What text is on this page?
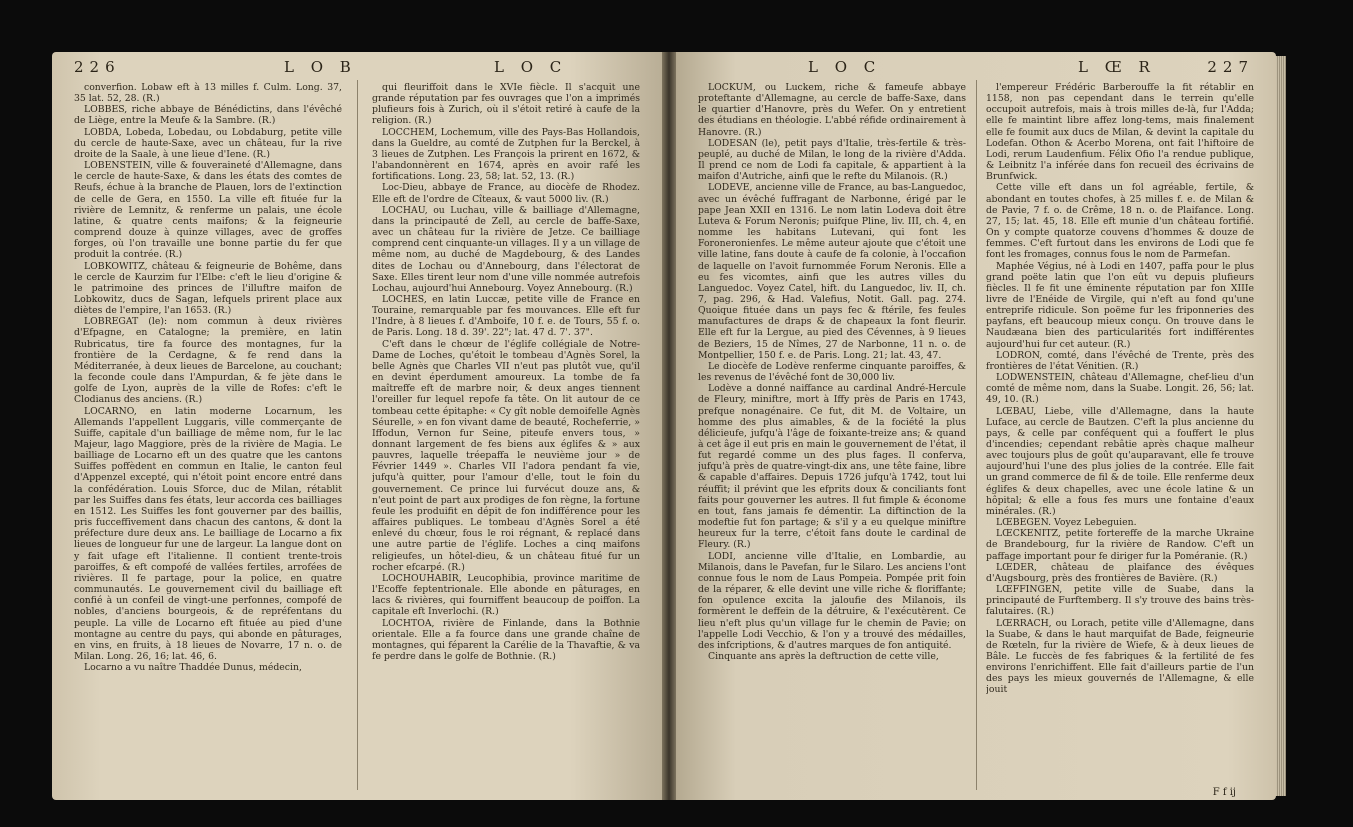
226	L O B	L O C

converfion. Lobaw eft à 13 milles f. Culm. Long. 37, 35 lat. 52, 28. (R.)

LOBBES, riche abbaye de Bénédictins, dans l'évêché de Liège, entre la Meufe & la Sambre. (R.)

LOBDA, Lobeda, Lobedau, ou Lobdaburg, petite ville du cercle de haute-Saxe, avec un château, fur la rive droite de la Saale, à une lieue d'Iene. (R.)

LOBENSTEIN, ville & fouveraineté d'Allemagne, dans le cercle de haute-Saxe, & dans les états des comtes de Reufs, échue à la branche de Plauen, lors de l'extinction de celle de Gera, en 1550. La ville eft fituée fur la rivière de Lemnitz, & renferme un palais, une école latine, & quatre cents maifons; & la feigneurie comprend douze à quinze villages, avec de groffes forges, où l'on travaille une bonne partie du fer que produit la contrée. (R.)

LOBKOWITZ, château & feigneurie de Bohême, dans le cercle de Kaurzim fur l'Elbe: c'eft le lieu d'origine & le patrimoine des princes de l'illuftre maifon de Lobkowitz, ducs de Sagan, lefquels prirent place aux diètes de l'empire, l'an 1653. (R.)

LOBREGAT (le): nom commun à deux rivières d'Efpagne, en Catalogne; la première, en latin Rubricatus, tire fa fource des montagnes, fur la frontière de la Cerdagne, & fe rend dans la Méditerranée, à deux lieues de Barcelone, au couchant; la feconde coule dans l'Ampurdan, & fe jète dans le golfe de Lyon, auprès de la ville de Rofes: c'eft le Clodianus des anciens. (R.)

LOCARNO, en latin moderne Locarnum, les Allemands l'appellent Luggaris, ville commerçante de Suiffe, capitale d'un bailliage de même nom, fur le lac Majeur, lago Maggiore, près de la rivière de Magia. Le bailliage de Locarno eft un des quatre que les cantons Suiffes poffèdent en commun en Italie, le canton feul d'Appenzel excepté, qui n'étoit point encore entré dans la confédération. Louis Sforce, duc de Milan, rétablit par les Suiffes dans fes états, leur accorda ces bailliages en 1512. Les Suiffes les font gouverner par des baillis, pris fucceffivement dans chacun des cantons, & dont la préfecture dure deux ans. Le bailliage de Locarno a fix lieues de longueur fur une de largeur. La langue dont on y fait ufage eft l'italienne. Il contient trente-trois paroiffes, & eft compofé de vallées fertiles, arrofées de rivières. Il fe partage, pour la police, en quatre communautés. Le gouvernement civil du bailliage eft confié à un confeil de vingt-une perfonnes, compofé de nobles, d'anciens bourgeois, & de repréfentans du peuple. La ville de Locarno eft fituée au pied d'une montagne au centre du pays, qui abonde en pâturages, en vins, en fruits, à 18 lieues de Novarre, 17 n. o. de Milan. Long. 26, 16; lat. 46, 6.

Locarno a vu naître Thaddée Dunus, médecin,

qui fleuriffoit dans le XVIe fiècle. Il s'acquit une grande réputation par fes ouvrages que l'on a imprimés plufieurs fois à Zurich, où il s'étoit retiré à caufe de la religion. (R.)

LOCCHEM, Lochemum, ville des Pays-Bas Hollandois, dans la Gueldre, au comté de Zutphen fur la Berckel, à 3 lieues de Zutphen. Les François la prirent en 1672, & l'abandonnèrent en 1674, après en avoir rafé les fortifications. Long. 23, 58; lat. 52, 13. (R.)

Loc-Dieu, abbaye de France, au diocèfe de Rhodez. Elle eft de l'ordre de Cîteaux, & vaut 5000 liv. (R.)

LOCHAU, ou Luchau, ville & bailliage d'Allemagne, dans la principauté de Zell, au cercle de baffe-Saxe, avec un château fur la rivière de Jetze. Ce bailliage comprend cent cinquante-un villages. Il y a un village de même nom, au duché de Magdebourg, & des Landes dites de Lochau ou d'Annebourg, dans l'électorat de Saxe. Elles tirent leur nom d'une ville nommée autrefois Lochau, aujourd'hui Annebourg. Voyez Annebourg. (R.)

LOCHES, en latin Luccæ, petite ville de France en Touraine, remarquable par fes mouvances. Elle eft fur l'Indre, à 8 lieues f. d'Amboife, 10 f. e. de Tours, 55 f. o. de Paris. Long. 18 d. 39'. 22"; lat. 47 d. 7'. 37".

C'eft dans le chœur de l'églife collégiale de Notre-Dame de Loches, qu'étoit le tombeau d'Agnès Sorel, la belle Agnès que Charles VII n'eut pas plutôt vue, qu'il en devint éperdument amoureux. La tombe de fa maîtreffe eft de marbre noir, & deux anges tiennent l'oreiller fur lequel repofe fa tête. On lit autour de ce tombeau cette épitaphe: « Cy gît noble demoifelle Agnès Séurelle, » en fon vivant dame de beauté, Rocheferrie, » Iffodun, Vernon fur Seine, piteufe envers tous, » donnant largement de fes biens aux églifes & » aux pauvres, laquelle tréepaffa le neuvième jour » de Février 1449 ». Charles VII l'adora pendant fa vie, jufqu'à quitter, pour l'amour d'elle, tout le foin du gouvernement. Ce prince lui furvécut douze ans, & n'eut point de part aux prodiges de fon règne, la fortune feule les produifit en dépit de fon indifférence pour les affaires publiques. Le tombeau d'Agnès Sorel a été enlevé du chœur, fous le roi régnant, & replacé dans une autre partie de l'églife. Loches a cinq maifons religieufes, un hôtel-dieu, & un château fitué fur un rocher efcarpé. (R.)

LOCHOUHABIR, Leucophibia, province maritime de l'Ecoffe feptentrionale. Elle abonde en pâturages, en lacs & rivières, qui fourniffent beaucoup de poiffon. La capitale eft Inverlochi. (R.)

LOCHTOA, rivière de Finlande, dans la Bothnie orientale. Elle a fa fource dans une grande chaîne de montagnes, qui féparent la Carélie de la Thavaftie, & va fe perdre dans le golfe de Bothnie. (R.)

L O C	L Œ R	227

LOCKUM, ou Luckem, riche & fameufe abbaye proteftante d'Allemagne, au cercle de baffe-Saxe, dans le quartier d'Hanovre, près du Wefer. On y entretient des étudians en théologie. L'abbé réfide ordinairement à Hanovre. (R.)

LODESAN (le), petit pays d'Italie, très-fertile & très-peuplé, au duché de Milan, le long de la rivière d'Adda. Il prend ce nom de Lodi fa capitale, & appartient à la maifon d'Autriche, ainfi que le refte du Milanois. (R.)

LODEVE, ancienne ville de France, au bas-Languedoc, avec un évêché fuffragant de Narbonne, érigé par le pape Jean XXII en 1316. Le nom latin Lodeva doit être Luteva & Forum Neronis; puifque Pline, liv. III, ch. 4, en nomme les habitans Lutevani, qui font les Foroneronienfes. Le même auteur ajoute que c'étoit une ville latine, fans doute à caufe de fa colonie, à l'occafion de laquelle on l'avoit furnommée Forum Neronis. Elle a eu fes vicomtes, ainfi que les autres villes du Languedoc. Voyez Catel, hift. du Languedoc, liv. II, ch. 7, pag. 296, & Had. Valefius, Notit. Gall. pag. 274. Quoique fituée dans un pays fec & ftérile, fes feules manufactures de draps & de chapeaux la font fleurir. Elle eft fur la Lergue, au pied des Cévennes, à 9 lieues de Beziers, 15 de Nîmes, 27 de Narbonne, 11 n. o. de Montpellier, 150 f. e. de Paris. Long. 21; lat. 43, 47.

Le diocèfe de Lodève renferme cinquante paroiffes, & les revenus de l'évêché font de 30,000 liv.

Lodève a donné naiffance au cardinal André-Hercule de Fleury, miniftre, mort à Iffy près de Paris en 1743, prefque nonagénaire. Ce fut, dit M. de Voltaire, un homme des plus aimables, & de la fociété la plus délicieufe, jufqu'à l'âge de foixante-treize ans; & quand à cet âge il eut pris en main le gouvernement de l'état, il fut regardé comme un des plus fages. Il conferva, jufqu'à près de quatre-vingt-dix ans, une tête faine, libre & capable d'affaires. Depuis 1726 jufqu'à 1742, tout lui réuffit; il prévint que les efprits doux & conciliants font faits pour gouverner les autres. Il fut fimple & économe en tout, fans jamais fe démentir. La diftinction de la modeftie fut fon partage; & s'il y a eu quelque miniftre heureux fur la terre, c'étoit fans doute le cardinal de Fleury. (R.)

LODI, ancienne ville d'Italie, en Lombardie, au Milanois, dans le Pavefan, fur le Silaro. Les anciens l'ont connue fous le nom de Laus Pompeia. Pompée prit foin de la réparer, & elle devint une ville riche & floriffante; fon opulence excita la jaloufie des Milanois, ils formèrent le deffein de la détruire, & l'exécutèrent. Ce lieu n'eft plus qu'un village fur le chemin de Pavie; on l'appelle Lodi Vecchio, & l'on y a trouvé des médailles, des infcriptions, & d'autres marques de fon antiquité.

Cinquante ans après la deftruction de cette ville,

l'empereur Frédéric Barberouffe la fit rétablir en 1158, non pas cependant dans le terrein qu'elle occupoit autrefois, mais à trois milles de-là, fur l'Adda; elle fe maintint libre affez long-tems, mais finalement elle fe foumit aux ducs de Milan, & devint la capitale du Lodefan. Othon & Acerbo Morena, ont fait l'hiftoire de Lodi, rerum Laudenfium. Félix Ofio l'a rendue publique, & Leibnitz l'a inférée dans fon recueil des écrivains de Brunfwick.

Cette ville eft dans un fol agréable, fertile, & abondant en toutes chofes, à 25 milles f. e. de Milan & de Pavie, 7 f. o. de Crême, 18 n. o. de Plaifance. Long. 27, 15; lat. 45, 18. Elle eft munie d'un château fortifié. On y compte quatorze couvens d'hommes & douze de femmes. C'eft furtout dans les environs de Lodi que fe font les fromages, connus fous le nom de Parmefan.

Maphée Végius, né à Lodi en 1407, paffa pour le plus grand poëte latin que l'on eût vu depuis plufieurs fiècles. Il fe fit une éminente réputation par fon XIIIe livre de l'Enéide de Virgile, qui n'eft au fond qu'une entreprife ridicule. Son poëme fur les friponneries des payfans, eft beaucoup mieux conçu. On trouve dans le Naudæana bien des particularités fort indifférentes aujourd'hui fur cet auteur. (R.)

LODRON, comté, dans l'évêché de Trente, près des frontières de l'état Vénitien. (R.)

LODWENSTEIN, château d'Allemagne, chef-lieu d'un comté de même nom, dans la Suabe. Longit. 26, 56; lat. 49, 10. (R.)

LŒBAU, Liebe, ville d'Allemagne, dans la haute Luface, au cercle de Bautzen. C'eft la plus ancienne du pays, & celle par conféquent qui a fouffert le plus d'incendies; cependant rebâtie après chaque malheur avec toujours plus de goût qu'auparavant, elle fe trouve aujourd'hui l'une des plus jolies de la contrée. Elle fait un grand commerce de fil & de toile. Elle renferme deux églifes & deux chapelles, avec une école latine & un hôpital; & elle a fous fes murs une fontaine d'eaux minérales. (R.)

LŒBEGEN. Voyez Lebeguien.

LŒCKENITZ, petite fortereffe de la marche Ukraine de Brandebourg, fur la rivière de Randow. C'eft un paffage important pour fe diriger fur la Poméranie. (R.)

LŒDER, château de plaifance des évêques d'Augsbourg, près des frontières de Bavière. (R.)

LŒFFINGEN, petite ville de Suabe, dans la principauté de Furftemberg. Il s'y trouve des bains très-falutaires. (R.)

LŒRRACH, ou Lorach, petite ville d'Allemagne, dans la Suabe, & dans le haut marquifat de Bade, feigneurie de Rœteln, fur la rivière de Wiefe, & à deux lieues de Bâle. Le fuccès de fes fabriques & la fertilité de fes environs l'enrichiffent. Elle fait d'ailleurs partie de l'un des pays les mieux gouvernés de l'Allemagne, & elle jouit

F f ij
